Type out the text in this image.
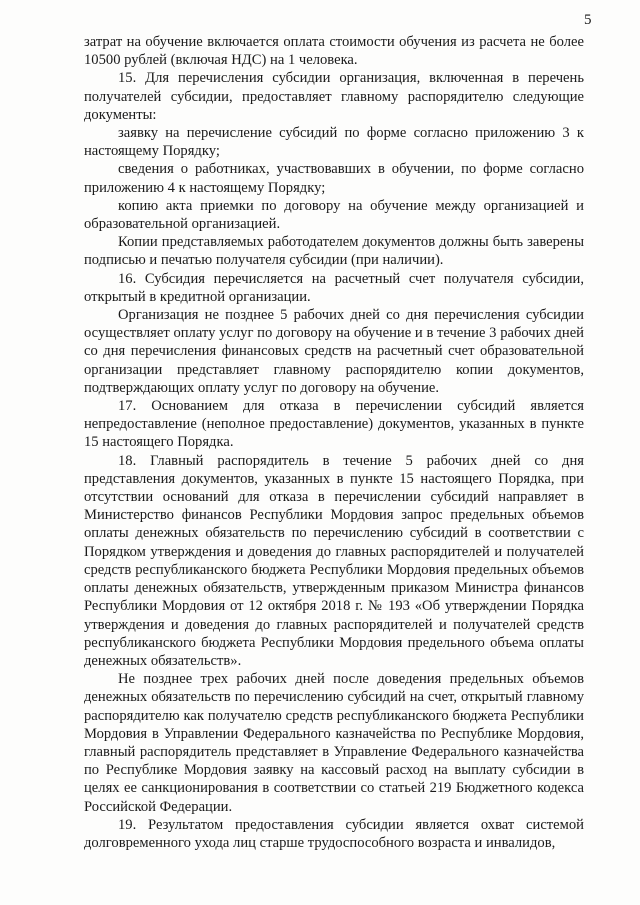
5

затрат на обучение включается оплата стоимости обучения из расчета не более 10500 рублей (включая НДС) на 1 человека.

15. Для перечисления субсидии организация, включенная в перечень получателей субсидии, предоставляет главному распорядителю следующие документы:

заявку на перечисление субсидий по форме согласно приложению 3 к настоящему Порядку;

сведения о работниках, участвовавших в обучении, по форме согласно приложению 4 к настоящему Порядку;

копию акта приемки по договору на обучение между организацией и образовательной организацией.

Копии представляемых работодателем документов должны быть заверены подписью и печатью получателя субсидии (при наличии).

16. Субсидия перечисляется на расчетный счет получателя субсидии, открытый в кредитной организации.

Организация не позднее 5 рабочих дней со дня перечисления субсидии осуществляет оплату услуг по договору на обучение и в течение 3 рабочих дней со дня перечисления финансовых средств на расчетный счет образовательной организации представляет главному распорядителю копии документов, подтверждающих оплату услуг по договору на обучение.

17. Основанием для отказа в перечислении субсидий является непредоставление (неполное предоставление) документов, указанных в пункте 15 настоящего Порядка.

18. Главный распорядитель в течение 5 рабочих дней со дня представления документов, указанных в пункте 15 настоящего Порядка, при отсутствии оснований для отказа в перечислении субсидий направляет в Министерство финансов Республики Мордовия запрос предельных объемов оплаты денежных обязательств по перечислению субсидий в соответствии с Порядком утверждения и доведения до главных распорядителей и получателей средств республиканского бюджета Республики Мордовия предельных объемов оплаты денежных обязательств, утвержденным приказом Министра финансов Республики Мордовия от 12 октября 2018 г. № 193 «Об утверждении Порядка утверждения и доведения до главных распорядителей и получателей средств республиканского бюджета Республики Мордовия предельного объема оплаты денежных обязательств».

Не позднее трех рабочих дней после доведения предельных объемов денежных обязательств по перечислению субсидий на счет, открытый главному распорядителю как получателю средств республиканского бюджета Республики Мордовия в Управлении Федерального казначейства по Республике Мордовия, главный распорядитель представляет в Управление Федерального казначейства по Республике Мордовия заявку на кассовый расход на выплату субсидии в целях ее санкционирования в соответствии со статьей 219 Бюджетного кодекса Российской Федерации.

19. Результатом предоставления субсидии является охват системой долговременного ухода лиц старше трудоспособного возраста и инвалидов,
